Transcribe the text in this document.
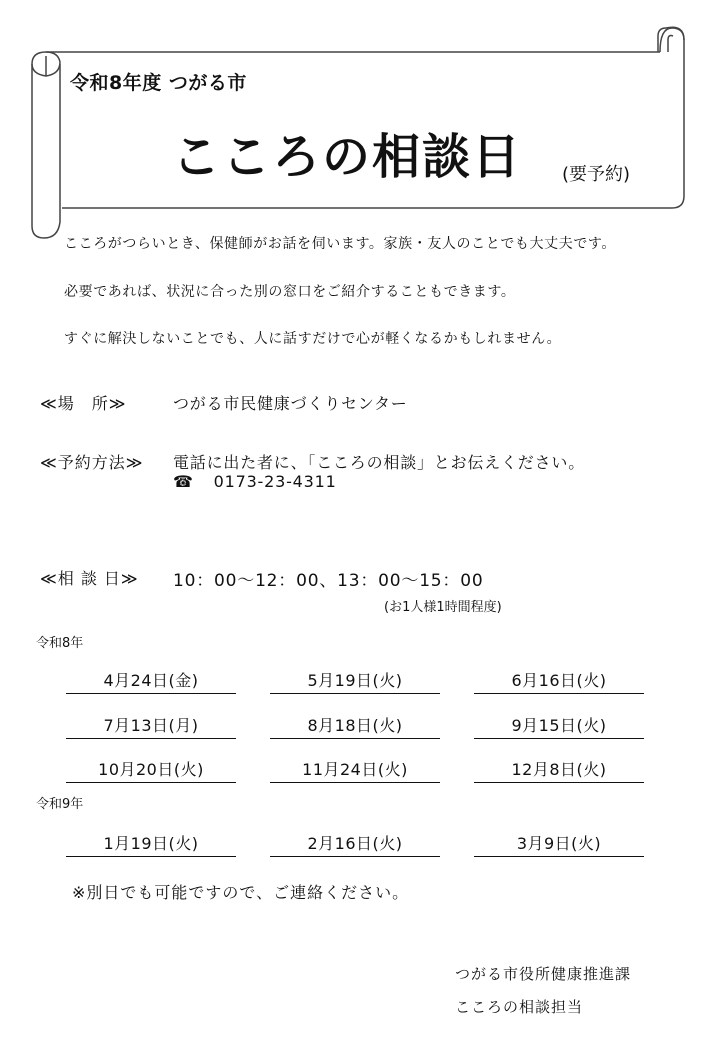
令和8年度 つがる市
こころの相談日 (要予約)
こころがつらいとき、保健師がお話を伺います。家族・友人のことでも大丈夫です。
必要であれば、状況に合った別の窓口をご紹介することもできます。
すぐに解決しないことでも、人に話すだけで心が軽くなるかもしれません。
≪場　所≫	つがる市民健康づくりセンター
≪予約方法≫ 電話に出た者に、「こころの相談」とお伝えください。
☎ 0173-23-4311
≪相 談 日≫ 10：00～12：00、13：00～15：00
(お1人様1時間程度)
令和8年
4月24日(金)	5月19日(火)	6月16日(火)
7月13日(月)	8月18日(火)	9月15日(火)
10月20日(火)	11月24日(火)	12月8日(火)
令和9年
1月19日(火)	2月16日(火)	3月9日(火)
※別日でも可能ですので、ご連絡ください。
つがる市役所健康推進課
こころの相談担当
